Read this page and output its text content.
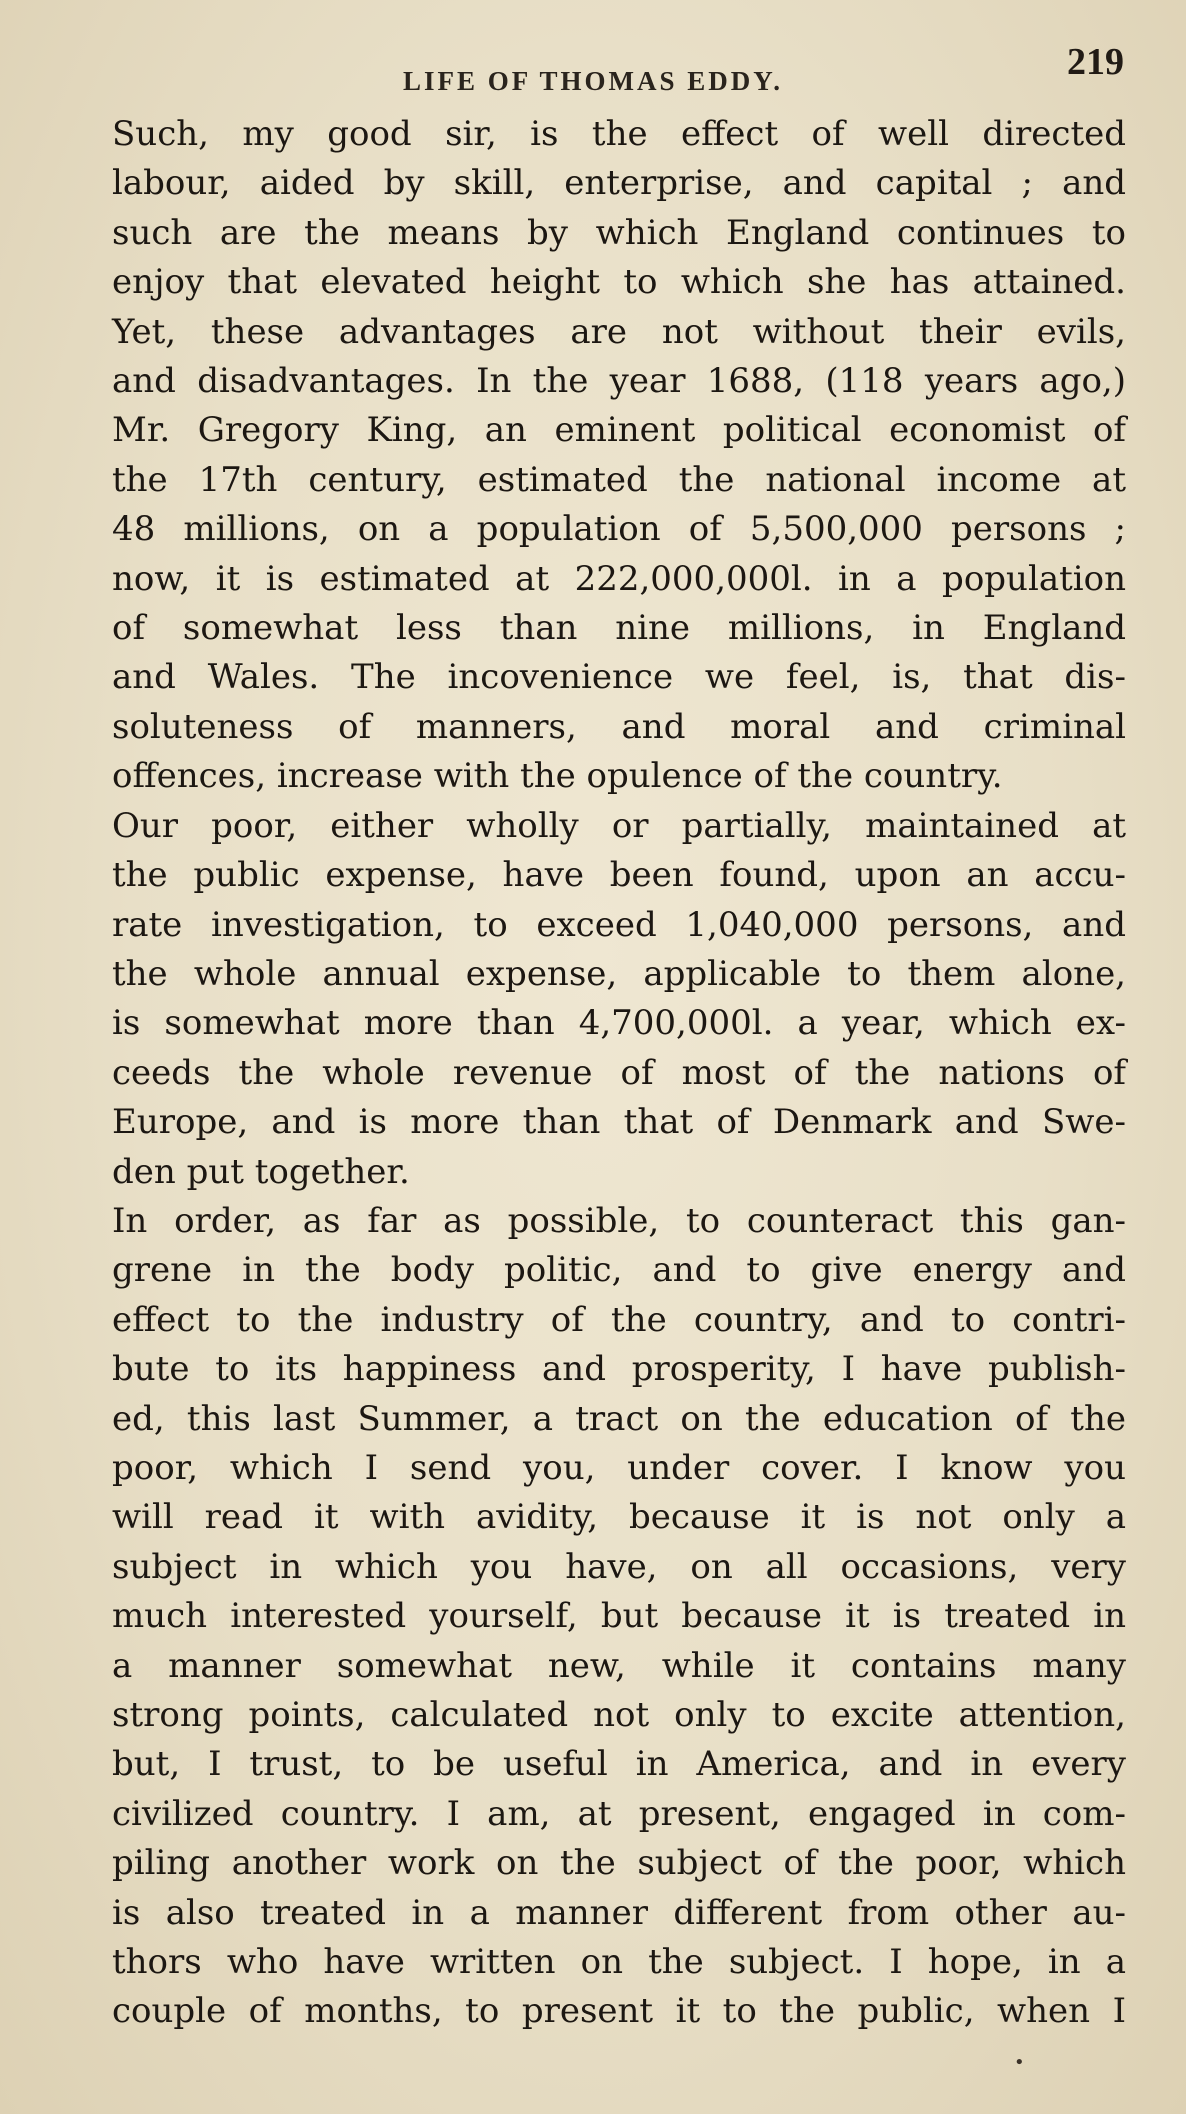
LIFE OF THOMAS EDDY.	219

Such, my good sir, is the effect of well directed
labour, aided by skill, enterprise, and capital ; and
such are the means by which England continues to
enjoy that elevated height to which she has attained.
Yet, these advantages are not without their evils,
and disadvantages. In the year 1688, (118 years ago,)
Mr. Gregory King, an eminent political economist of
the 17th century, estimated the national income at
48 millions, on a population of 5,500,000 persons ;
now, it is estimated at 222,000,000l. in a population
of somewhat less than nine millions, in England
and Wales. The incovenience we feel, is, that dis-
soluteness of manners, and moral and criminal
offences, increase with the opulence of the country.

Our poor, either wholly or partially, maintained at
the public expense, have been found, upon an accu-
rate investigation, to exceed 1,040,000 persons, and
the whole annual expense, applicable to them alone,
is somewhat more than 4,700,000l. a year, which ex-
ceeds the whole revenue of most of the nations of
Europe, and is more than that of Denmark and Swe-
den put together.

In order, as far as possible, to counteract this gan-
grene in the body politic, and to give energy and
effect to the industry of the country, and to contri-
bute to its happiness and prosperity, I have publish-
ed, this last Summer, a tract on the education of the
poor, which I send you, under cover. I know you
will read it with avidity, because it is not only a
subject in which you have, on all occasions, very
much interested yourself, but because it is treated in
a manner somewhat new, while it contains many
strong points, calculated not only to excite attention,
but, I trust, to be useful in America, and in every
civilized country. I am, at present, engaged in com-
piling another work on the subject of the poor, which
is also treated in a manner different from other au-
thors who have written on the subject. I hope, in a
couple of months, to present it to the public, when I

•
